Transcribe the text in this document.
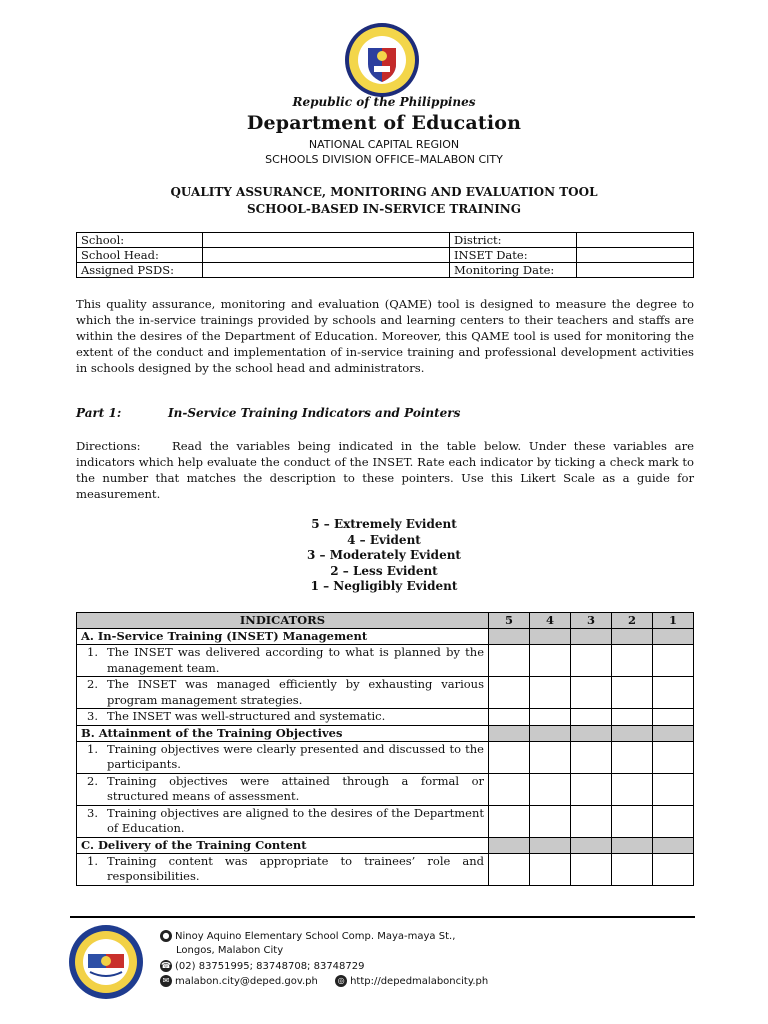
Republic of the Philippines
Department of Education
NATIONAL CAPITAL REGION
SCHOOLS DIVISION OFFICE–MALABON CITY
QUALITY ASSURANCE, MONITORING AND EVALUATION TOOL
SCHOOL-BASED IN-SERVICE TRAINING
School:		District:	
School Head:		INSET Date:	
Assigned PSDS:		Monitoring Date:	
This quality assurance, monitoring and evaluation (QAME) tool is designed to measure the degree to which the in-service trainings provided by schools and learning centers to their teachers and staffs are within the desires of the Department of Education. Moreover, this QAME tool is used for monitoring the extent of the conduct and implementation of in-service training and professional development activities in schools designed by the school head and administrators.
Part 1:	In-Service Training Indicators and Pointers
Directions:	Read the variables being indicated in the table below. Under these variables are indicators which help evaluate the conduct of the INSET. Rate each indicator by ticking a check mark to the number that matches the description to these pointers. Use this Likert Scale as a guide for measurement.
5 – Extremely Evident
4 – Evident
3 – Moderately Evident
2 – Less Evident
1 – Negligibly Evident
INDICATORS	5	4	3	2	1
A. In-Service Training (INSET) Management					
1. The INSET was delivered according to what is planned by the management team.					
2. The INSET was managed efficiently by exhausting various program management strategies.					
3. The INSET was well-structured and systematic.					
B. Attainment of the Training Objectives					
1. Training objectives were clearly presented and discussed to the participants.					
2. Training objectives were attained through a formal or structured means of assessment.					
3. Training objectives are aligned to the desires of the Department of Education.					
C. Delivery of the Training Content					
1. Training content was appropriate to trainees’ role and responsibilities.					
● Ninoy Aquino Elementary School Comp. Maya-maya St.,
Longos, Malabon City
☎ (02) 83751995; 83748708; 83748729
✉ malabon.city@deped.gov.ph ◎ http://depedmalaboncity.ph
